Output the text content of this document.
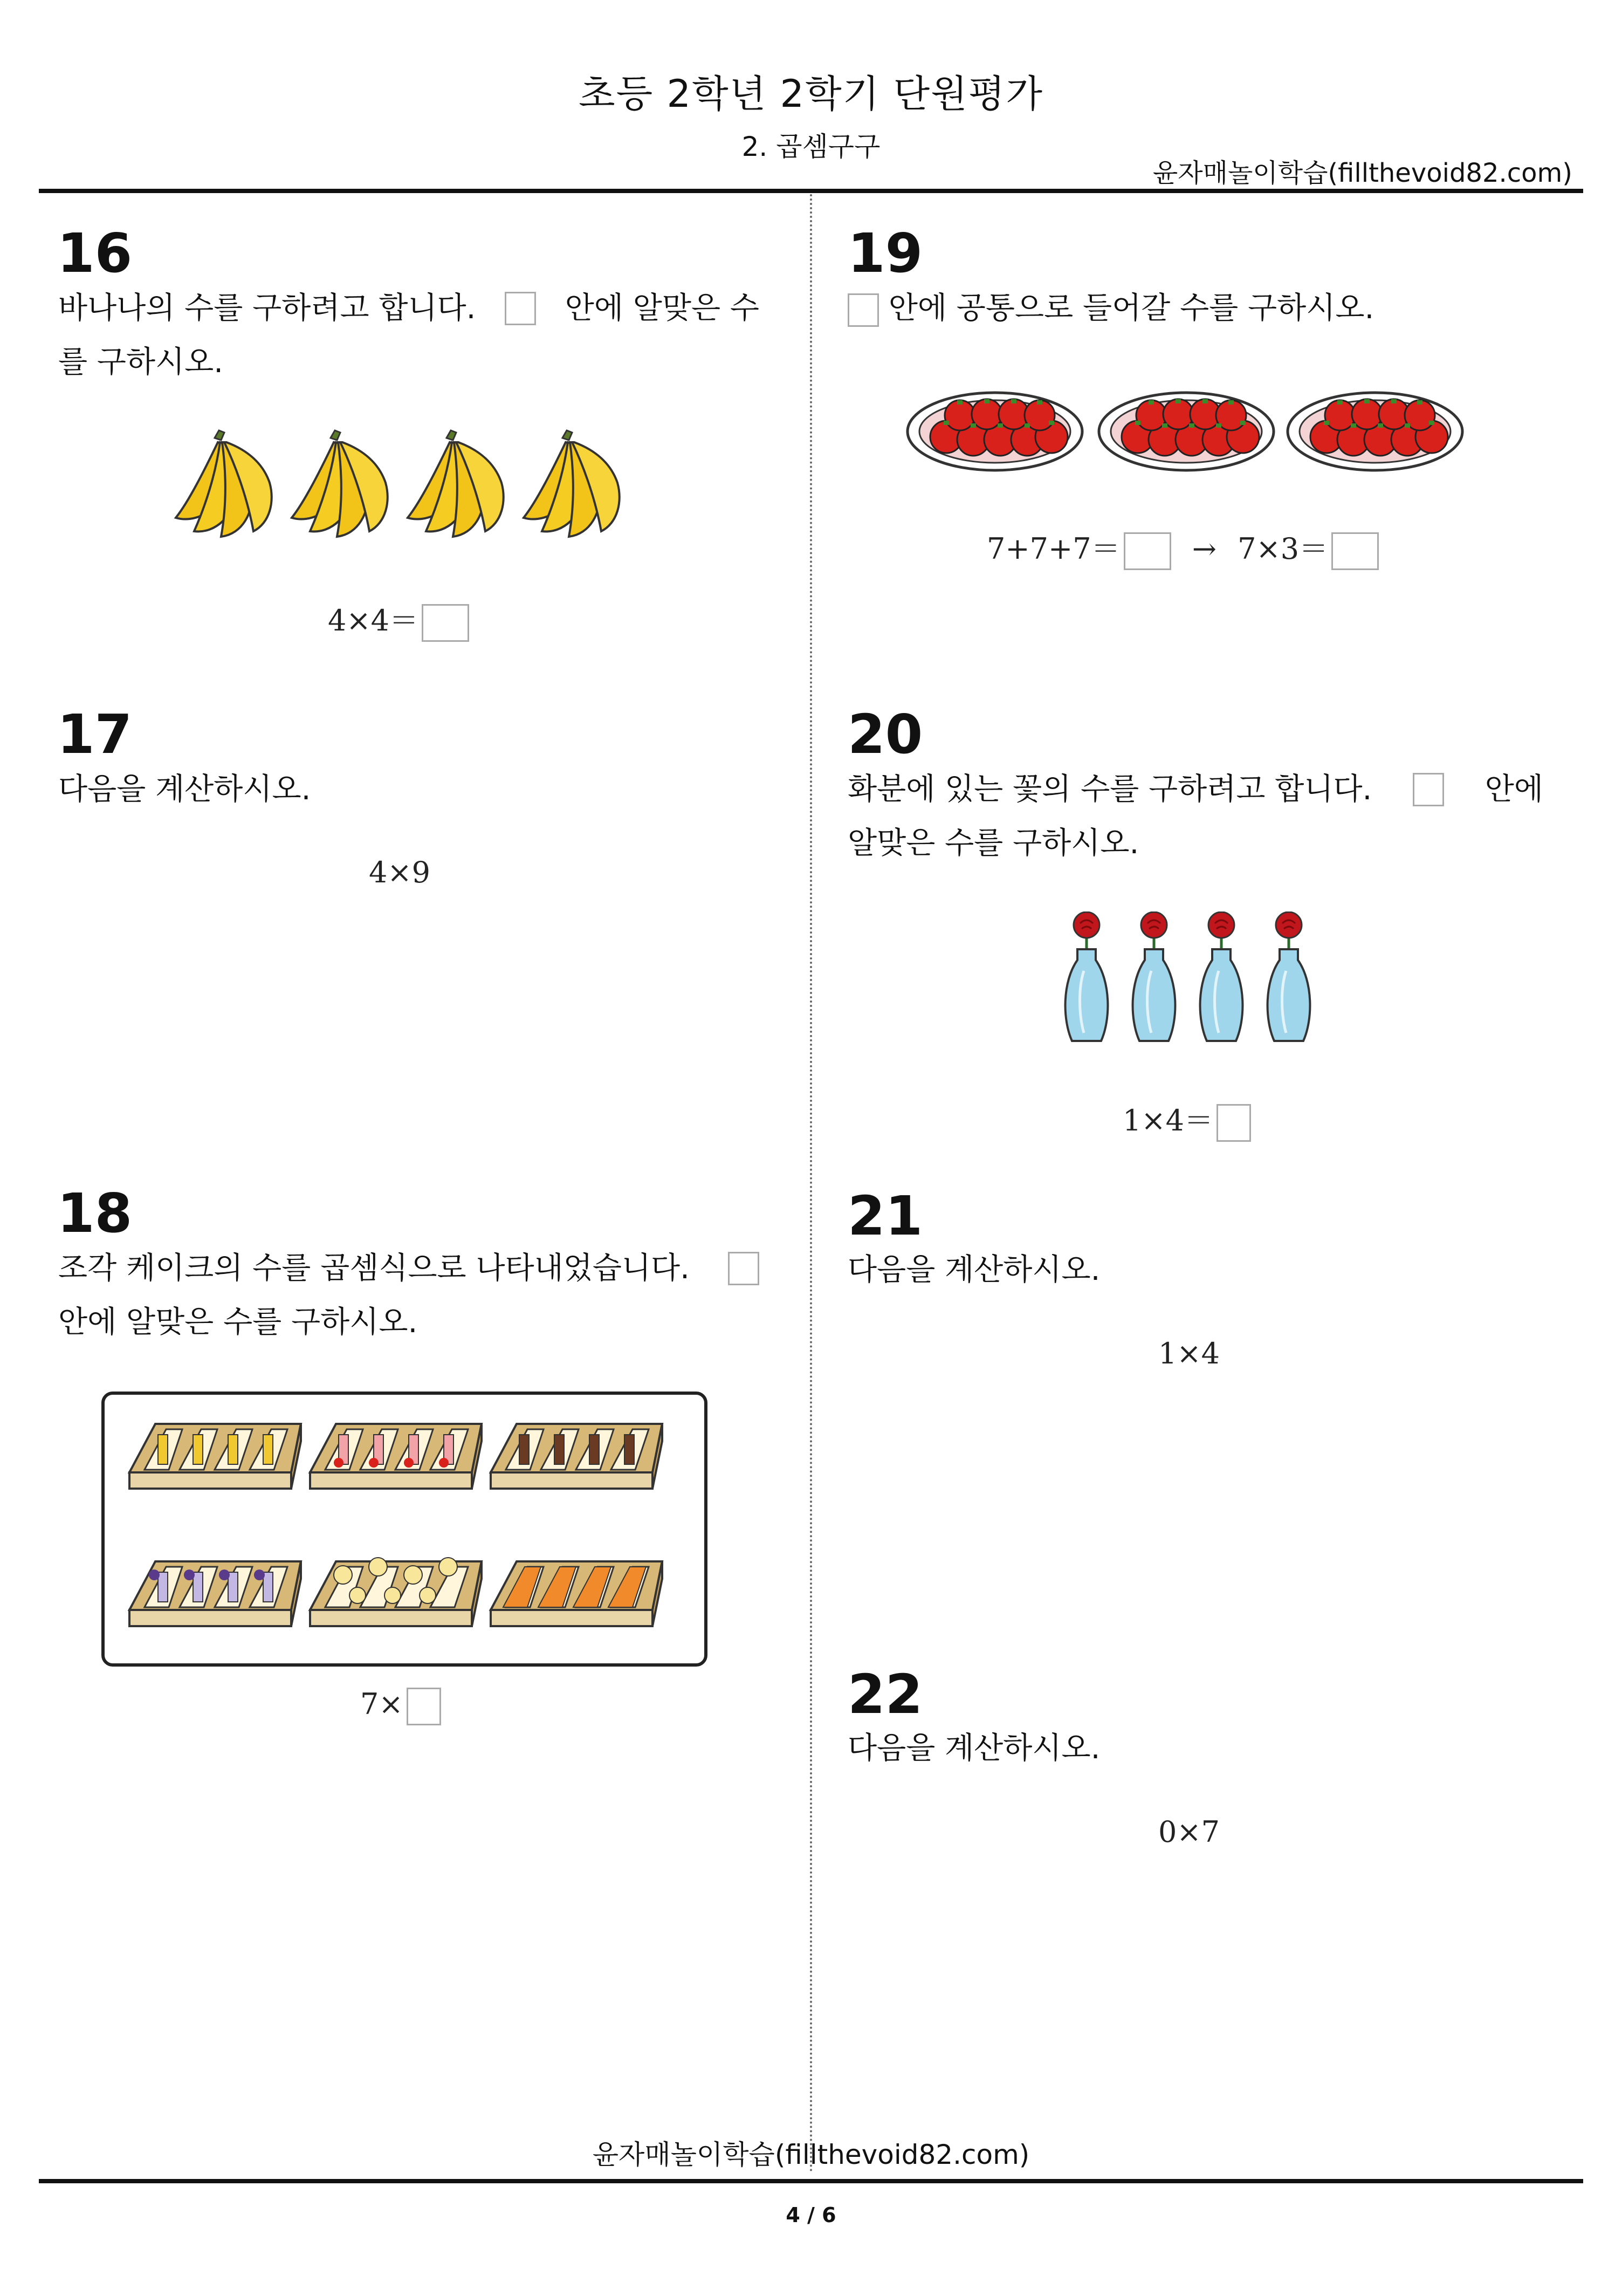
초등 2학년 2학기 단원평가
2. 곱셈구구
윤자매놀이학습(fillthevoid82.com)
16
바나나의 수를 구하려고 합니다.	안에 알맞은 수
를 구하시오.
4×4＝
17
다음을 계산하시오.
4×9
18
조각 케이크의 수를 곱셈식으로 나타내었습니다.
안에 알맞은 수를 구하시오.
7×
19
안에 공통으로 들어갈 수를 구하시오.
7+7+7＝ → 7×3＝
20
화분에 있는 꽃의 수를 구하려고 합니다.	안에
알맞은 수를 구하시오.
1×4＝
21
다음을 계산하시오.
1×4
22
다음을 계산하시오.
0×7
윤자매놀이학습(fillthevoid82.com)
4 / 6
